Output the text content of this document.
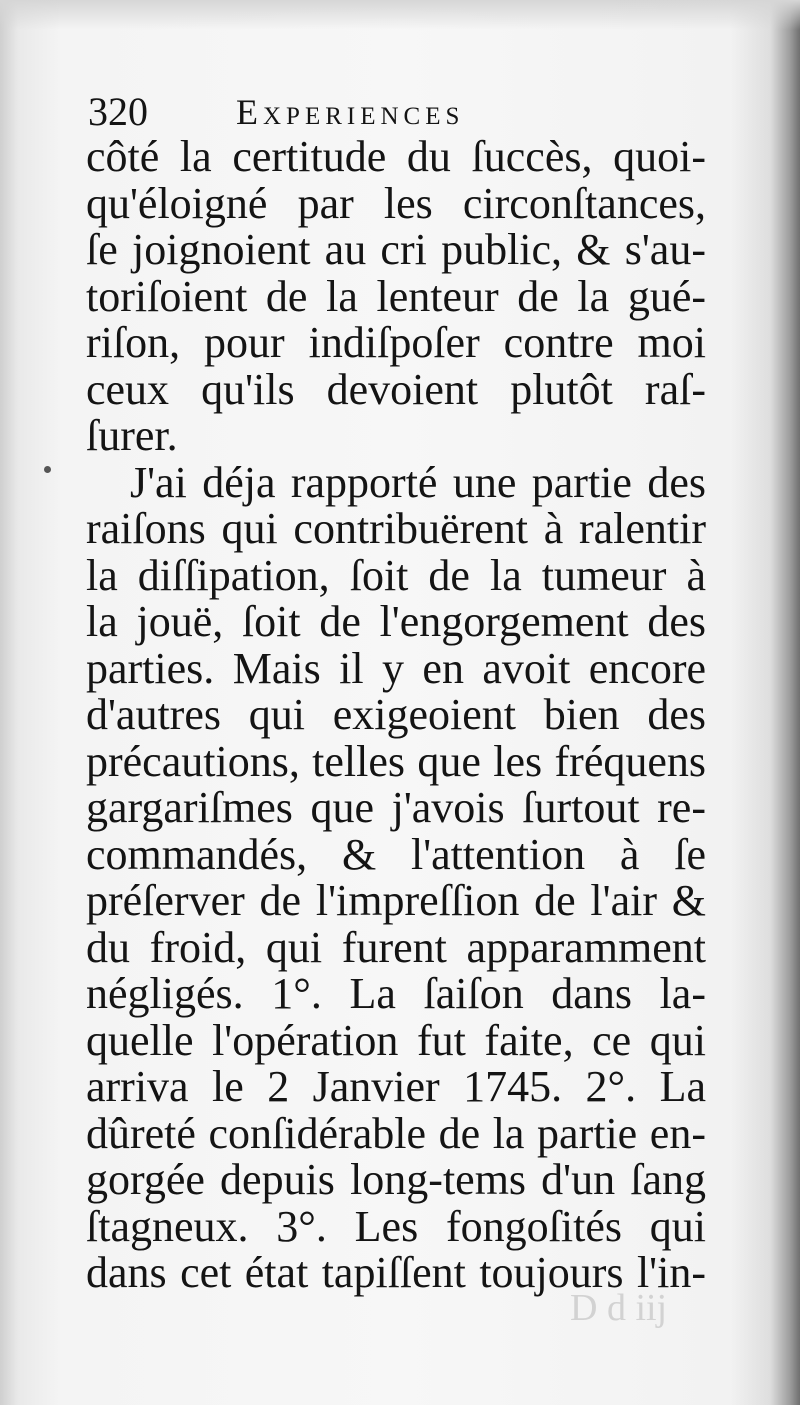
320 Experiences
côté la certitude du ſuccès, quoi-
qu'éloigné par les circonſtances,
ſe joignoient au cri public, & s'au-
toriſoient de la lenteur de la gué-
riſon, pour indiſpoſer contre moi
ceux qu'ils devoient plutôt raſ-
ſurer.
J'ai déja rapporté une partie des
raiſons qui contribuërent à ralentir
la diſſipation, ſoit de la tumeur à
la jouë, ſoit de l'engorgement des
parties. Mais il y en avoit encore
d'autres qui exigeoient bien des
précautions, telles que les fréquens
gargariſmes que j'avois ſurtout re-
commandés, & l'attention à ſe
préſerver de l'impreſſion de l'air &
du froid, qui furent apparamment
négligés. 1°. La ſaiſon dans la-
quelle l'opération fut faite, ce qui
arriva le 2 Janvier 1745. 2°. La
dûreté conſidérable de la partie en-
gorgée depuis long-tems d'un ſang
ſtagneux. 3°. Les fongoſités qui
dans cet état tapiſſent toujours l'in-
D d iij
